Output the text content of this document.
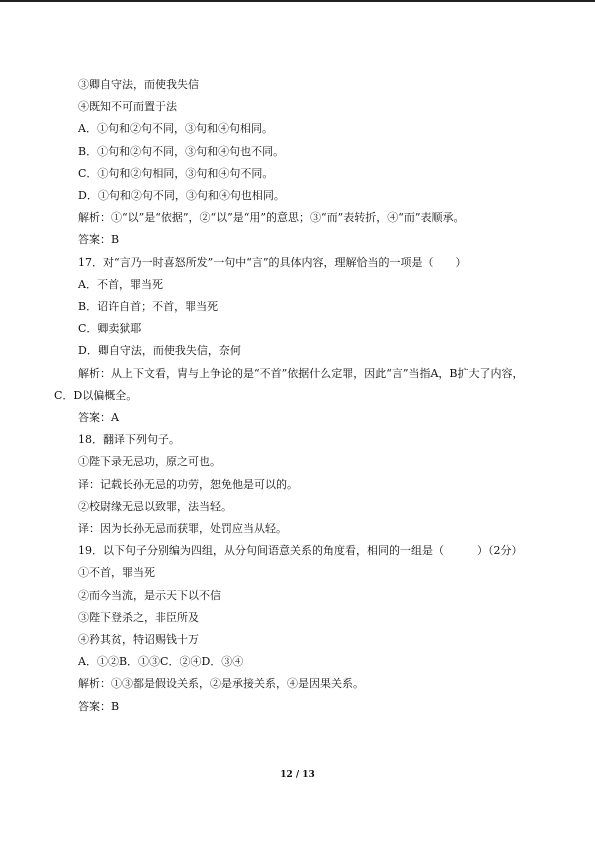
③卿自守法，而使我失信
④既知不可而置于法
A．①句和②句不同，③句和④句相同。
B．①句和②句不同，③句和④句也不同。
C．①句和②句相同，③句和④句不同。
D．①句和②句不同，③句和④句也相同。
解析：①“以”是“依据”，②“以”是“用”的意思；③“而”表转折，④“而”表顺承。
答案：B
17．对“言乃一时喜怒所发”一句中“言”的具体内容，理解恰当的一项是（　　）
A．不首，罪当死
B．诏许自首；不首，罪当死
C．卿卖狱耶
D．卿自守法，而使我失信，奈何
解析：从上下文看，胄与上争论的是“不首”依据什么定罪，因此“言”当指A，B扩大了内容，C．D以偏概全。
答案：A
18．翻译下列句子。
①陛下录无忌功，原之可也。
译：记载长孙无忌的功劳，恕免他是可以的。
②校尉缘无忌以致罪，法当轻。
译：因为长孙无忌而获罪，处罚应当从轻。
19．以下句子分别编为四组，从分句间语意关系的角度看，相同的一组是（　　　）（2分）
①不首，罪当死
②而今当流，是示天下以不信
③陛下登杀之，非臣所及
④矜其贫，特诏赐钱十万
A．①②B．①③C．②④D．③④
解析：①③都是假设关系，②是承接关系，④是因果关系。
答案：B
12 / 13
